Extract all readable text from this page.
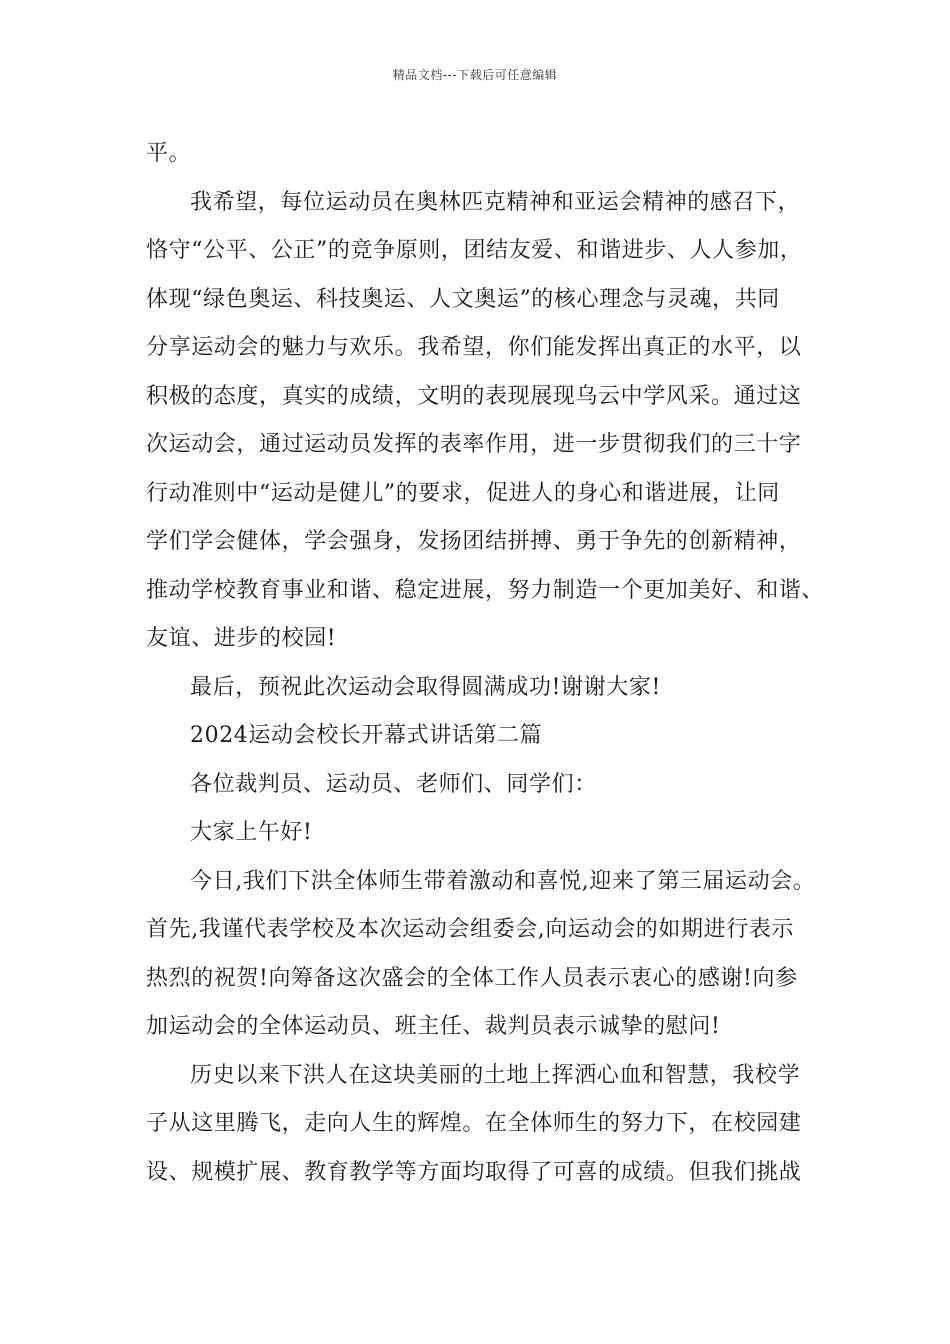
精品文档---下载后可任意编辑
平。
我希望，每位运动员在奥林匹克精神和亚运会精神的感召下，
恪守“公平、公正”的竞争原则，团结友爱、和谐进步、人人参加，
体现“绿色奥运、科技奥运、人文奥运”的核心理念与灵魂，共同
分享运动会的魅力与欢乐。我希望，你们能发挥出真正的水平，以
积极的态度，真实的成绩，文明的表现展现乌云中学风采。通过这
次运动会，通过运动员发挥的表率作用，进一步贯彻我们的三十字
行动准则中“运动是健儿”的要求，促进人的身心和谐进展，让同
学们学会健体，学会强身，发扬团结拼搏、勇于争先的创新精神，
推动学校教育事业和谐、稳定进展，努力制造一个更加美好、和谐、
友谊、进步的校园!
最后，预祝此次运动会取得圆满成功!谢谢大家!
2024运动会校长开幕式讲话第二篇
各位裁判员、运动员、老师们、同学们：
大家上午好!
今日,我们下洪全体师生带着激动和喜悦,迎来了第三届运动会。
首先,我谨代表学校及本次运动会组委会,向运动会的如期进行表示
热烈的祝贺!向筹备这次盛会的全体工作人员表示衷心的感谢!向参
加运动会的全体运动员、班主任、裁判员表示诚挚的慰问!
历史以来下洪人在这块美丽的土地上挥洒心血和智慧，我校学
子从这里腾飞，走向人生的辉煌。在全体师生的努力下，在校园建
设、规模扩展、教育教学等方面均取得了可喜的成绩。但我们挑战
